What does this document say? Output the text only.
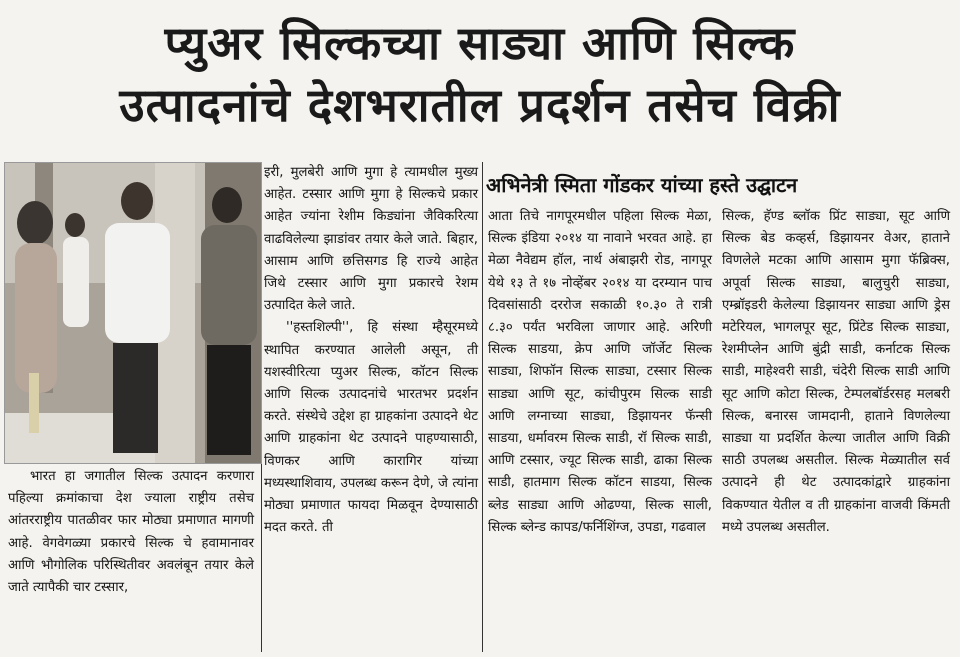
प्युअर सिल्कच्या साड्या आणि सिल्क
उत्पादनांचे देशभरातील प्रदर्शन तसेच विक्री

भारत हा जगातील सिल्क उत्पादन करणारा पहिल्या क्रमांकाचा देश ज्याला राष्ट्रीय तसेच आंतरराष्ट्रीय पातळीवर फार मोठ्या प्रमाणात मागणी आहे. वेगवेगळ्या प्रकारचे सिल्क चे हवामानावर आणि भौगोलिक परिस्थितीवर अवलंबून तयार केले जाते त्यापैकी चार टस्सार,

इरी, मुलबेरी आणि मुगा हे त्यामधील मुख्य आहेत. टस्सार आणि मुगा हे सिल्कचे प्रकार आहेत ज्यांना रेशीम किड्यांना जैविकरित्या वाढविलेल्या झाडांवर तयार केले जाते. बिहार, आसाम आणि छत्तिसगड हि राज्ये आहेत जिथे टस्सार आणि मुगा प्रकारचे रेशम उत्पादित केले जाते.

''हस्तशिल्पी'', हि संस्था म्हैसूरमध्ये स्थापित करण्यात आलेली असून, ती यशस्वीरित्या प्युअर सिल्क, कॉटन सिल्क आणि सिल्क उत्पादनांचे भारतभर प्रदर्शन करते. संस्थेचे उद्देश हा ग्राहकांना उत्पादने थेट आणि ग्राहकांना थेट उत्पादने पाहण्यासाठी, विणकर आणि कारागिर यांच्या मध्यस्थाशिवाय, उपलब्ध करून देणे, जे त्यांना मोठ्या प्रमाणात फायदा मिळवून देण्यासाठी मदत करते. ती

अभिनेत्री स्मिता गोंडकर यांच्या हस्ते उद्घाटन

आता तिचे नागपूरमधील पहिला सिल्क मेळा, सिल्क इंडिया २०१४ या नावाने भरवत आहे. हा मेळा नैवेद्यम हॉल, नार्थ अंबाझरी रोड, नागपूर येथे १३ ते १७ नोव्हेंबर २०१४ या दरम्यान पाच दिवसांसाठी दररोज सकाळी १०.३० ते रात्री ८.३० पर्यंत भरविला जाणार आहे. अरिणी सिल्क साडया, क्रेप आणि जॉर्जेट सिल्क साड्या, शिफॉन सिल्क साड्या, टस्सार सिल्क साड्या आणि सूट, कांचीपुरम सिल्क साडी आणि लग्नाच्या साड्या, डिझायनर फॅन्सी साडया, धर्मावरम सिल्क साडी, रॉ सिल्क साडी, आणि टस्सार, ज्यूट सिल्क साडी, ढाका सिल्क साडी, हातमाग सिल्क कॉटन साडया, सिल्क ब्लेड साड्या आणि ओढण्या, सिल्क साली, सिल्क ब्लेन्ड कापड/फर्निशिंग्ज, उपडा, गढवाल

सिल्क, हॅण्ड ब्लॉक प्रिंट साड्या, सूट आणि सिल्क बेड कव्हर्स, डिझायनर वेअर, हाताने विणलेले मटका आणि आसाम मुगा फॅब्रिक्स, अपूर्वा सिल्क साड्या, बालुचुरी साड्या, एम्ब्रॉइडरी केलेल्या डिझायनर साड्या आणि ड्रेस मटेरियल, भागलपूर सूट, प्रिंटेड सिल्क साड्या, रेशमीप्लेन आणि बुंद्री साडी, कर्नाटक सिल्क साडी, माहेश्वरी साडी, चंदेरी सिल्क साडी आणि सूट आणि कोटा सिल्क, टेम्पलबॉर्डरसह मलबरी सिल्क, बनारस जामदानी, हाताने विणलेल्या साड्या या प्रदर्शित केल्या जातील आणि विक्री साठी उपलब्ध असतील. सिल्क मेळ्यातील सर्व उत्पादने ही थेट उत्पादकांद्वारे ग्राहकांना विकण्यात येतील व ती ग्राहकांना वाजवी किंमती मध्ये उपलब्ध असतील.
